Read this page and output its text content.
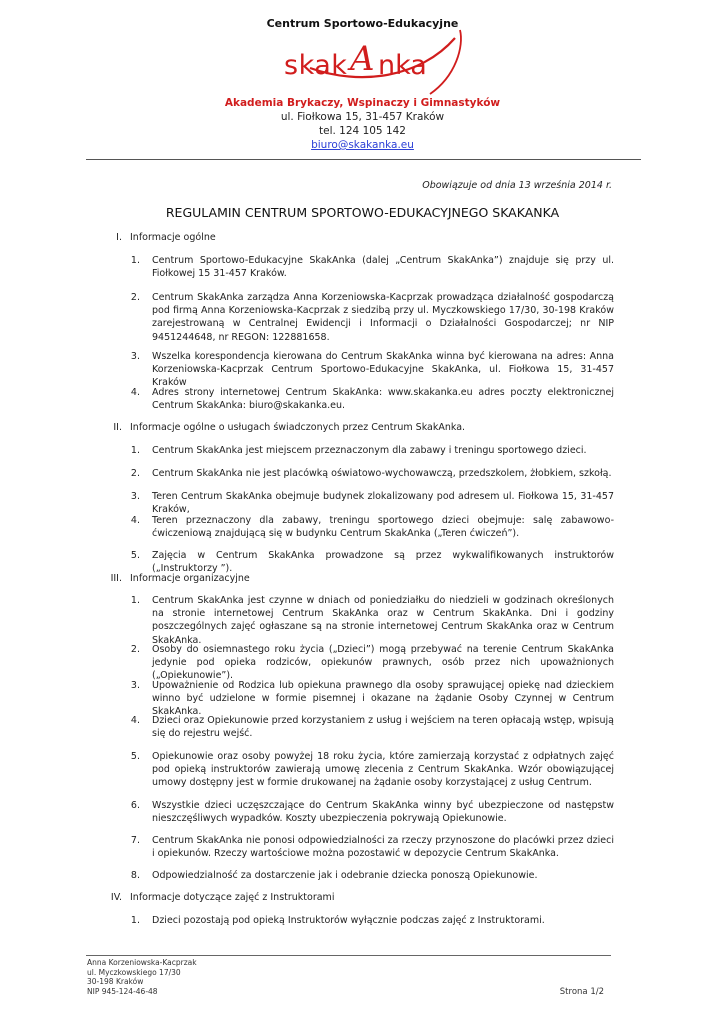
Centrum Sportowo-Edukacyjne
skak A nka
Akademia Brykaczy, Wspinaczy i Gimnastyków
ul. Fiołkowa 15, 31-457 Kraków
tel. 124 105 142
biuro@skakanka.eu
Obowiązuje od dnia 13 września 2014 r.
REGULAMIN CENTRUM SPORTOWO-EDUKACYJNEGO SKAKANKA
I. Informacje ogólne
1. Centrum Sportowo-Edukacyjne SkakAnka (dalej „Centrum SkakAnka”) znajduje się przy ul. Fiołkowej 15 31-457 Kraków.
2. Centrum SkakAnka zarządza Anna Korzeniowska-Kacprzak prowadząca działalność gospodarczą pod firmą Anna Korzeniowska-Kacprzak z siedzibą przy ul. Myczkowskiego 17/30, 30-198 Kraków zarejestrowaną w Centralnej Ewidencji i Informacji o Działalności Gospodarczej; nr NIP 9451244648, nr REGON: 122881658.
3. Wszelka korespondencja kierowana do Centrum SkakAnka winna być kierowana na adres: Anna Korzeniowska-Kacprzak Centrum Sportowo-Edukacyjne SkakAnka, ul. Fiołkowa 15, 31-457 Kraków
4. Adres strony internetowej Centrum SkakAnka: www.skakanka.eu adres poczty elektronicznej Centrum SkakAnka: biuro@skakanka.eu.
II. Informacje ogólne o usługach świadczonych przez Centrum SkakAnka.
1. Centrum SkakAnka jest miejscem przeznaczonym dla zabawy i treningu sportowego dzieci.
2. Centrum SkakAnka nie jest placówką oświatowo-wychowawczą, przedszkolem, żłobkiem, szkołą.
3. Teren Centrum SkakAnka obejmuje budynek zlokalizowany pod adresem ul. Fiołkowa 15, 31-457 Kraków,
4. Teren przeznaczony dla zabawy, treningu sportowego dzieci obejmuje: salę zabawowo-ćwiczeniową znajdującą się w budynku Centrum SkakAnka („Teren ćwiczeń”).
5. Zajęcia w Centrum SkakAnka prowadzone są przez wykwalifikowanych instruktorów („Instruktorzy ”).
III. Informacje organizacyjne
1. Centrum SkakAnka jest czynne w dniach od poniedziałku do niedzieli w godzinach określonych na stronie internetowej Centrum SkakAnka oraz w Centrum SkakAnka. Dni i godziny poszczególnych zajęć ogłaszane są na stronie internetowej Centrum SkakAnka oraz w Centrum SkakAnka.
2. Osoby do osiemnastego roku życia („Dzieci”) mogą przebywać na terenie Centrum SkakAnka jedynie pod opieka rodziców, opiekunów prawnych, osób przez nich upoważnionych („Opiekunowie”).
3. Upoważnienie od Rodzica lub opiekuna prawnego dla osoby sprawującej opiekę nad dzieckiem winno być udzielone w formie pisemnej i okazane na żądanie Osoby Czynnej w Centrum SkakAnka.
4. Dzieci oraz Opiekunowie przed korzystaniem z usług i wejściem na teren opłacają wstęp, wpisują się do rejestru wejść.
5. Opiekunowie oraz osoby powyżej 18 roku życia, które zamierzają korzystać z odpłatnych zajęć pod opieką instruktorów zawierają umowę zlecenia z Centrum SkakAnka. Wzór obowiązującej umowy dostępny jest w formie drukowanej na żądanie osoby korzystającej z usług Centrum.
6. Wszystkie dzieci uczęszczające do Centrum SkakAnka winny być ubezpieczone od następstw nieszczęśliwych wypadków. Koszty ubezpieczenia pokrywają Opiekunowie.
7. Centrum SkakAnka nie ponosi odpowiedzialności za rzeczy przynoszone do placówki przez dzieci i opiekunów. Rzeczy wartościowe można pozostawić w depozycie Centrum SkakAnka.
8. Odpowiedzialność za dostarczenie jak i odebranie dziecka ponoszą Opiekunowie.
IV. Informacje dotyczące zajęć z Instruktorami
1. Dzieci pozostają pod opieką Instruktorów wyłącznie podczas zajęć z Instruktorami.
Anna Korzeniowska-Kacprzak
ul. Myczkowskiego 17/30
30-198 Kraków
NIP 945-124-46-48	Strona 1/2
